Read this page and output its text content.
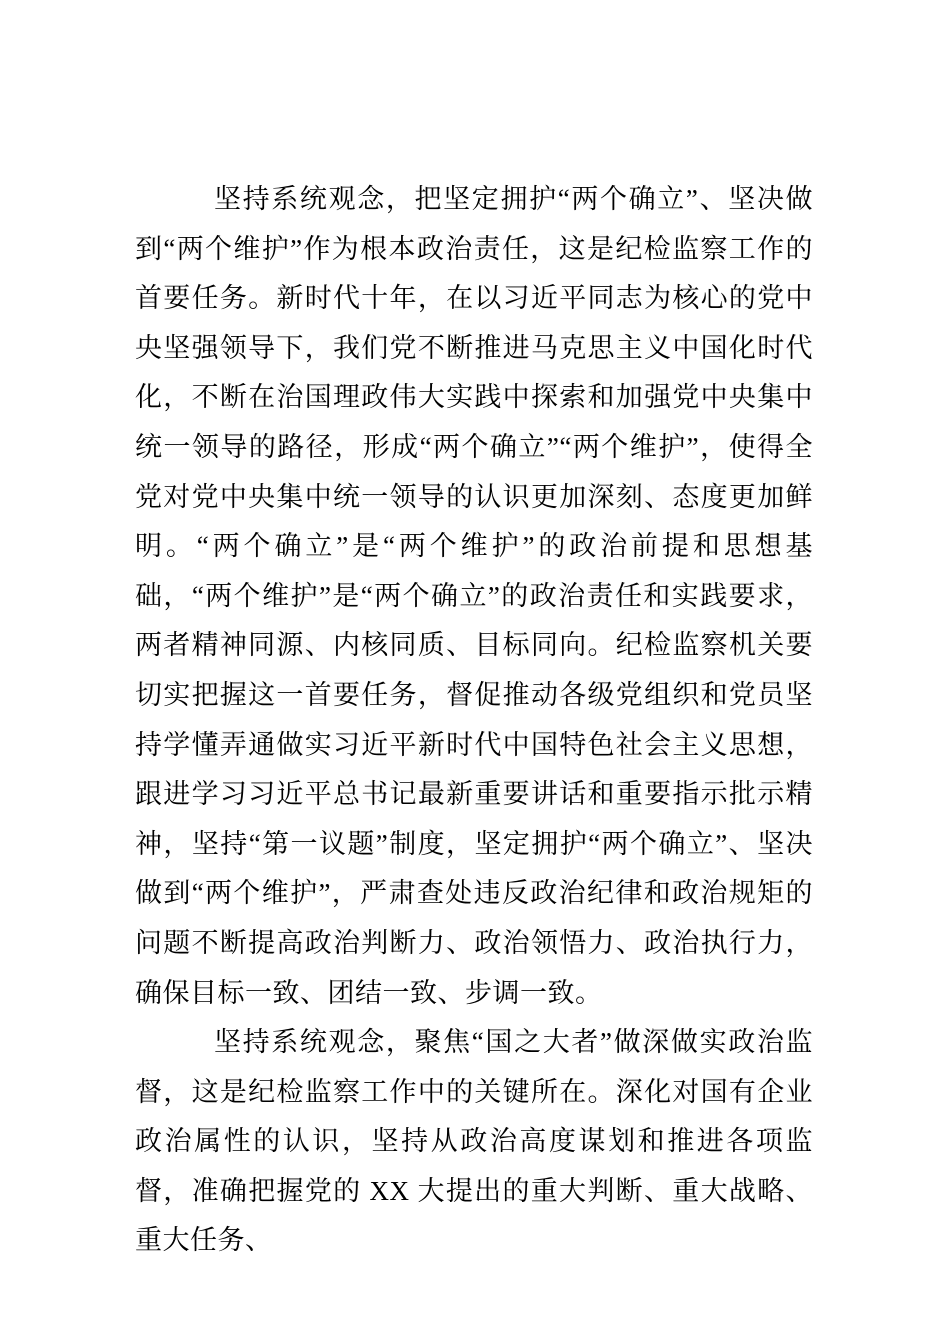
坚持系统观念，把坚定拥护“两个确立”、坚决做到“两个维护”作为根本政治责任，这是纪检监察工作的首要任务。新时代十年，在以习近平同志为核心的党中央坚强领导下，我们党不断推进马克思主义中国化时代化，不断在治国理政伟大实践中探索和加强党中央集中统一领导的路径，形成“两个确立”“两个维护”，使得全党对党中央集中统一领导的认识更加深刻、态度更加鲜明。“两个确立”是“两个维护”的政治前提和思想基础，“两个维护”是“两个确立”的政治责任和实践要求，两者精神同源、内核同质、目标同向。纪检监察机关要切实把握这一首要任务，督促推动各级党组织和党员坚持学懂弄通做实习近平新时代中国特色社会主义思想，跟进学习习近平总书记最新重要讲话和重要指示批示精神，坚持“第一议题”制度，坚定拥护“两个确立”、坚决做到“两个维护”，严肃查处违反政治纪律和政治规矩的问题不断提高政治判断力、政治领悟力、政治执行力，确保目标一致、团结一致、步调一致。

坚持系统观念，聚焦“国之大者”做深做实政治监督，这是纪检监察工作中的关键所在。深化对国有企业政治属性的认识，坚持从政治高度谋划和推进各项监督，准确把握党的 XX 大提出的重大判断、重大战略、重大任务、
